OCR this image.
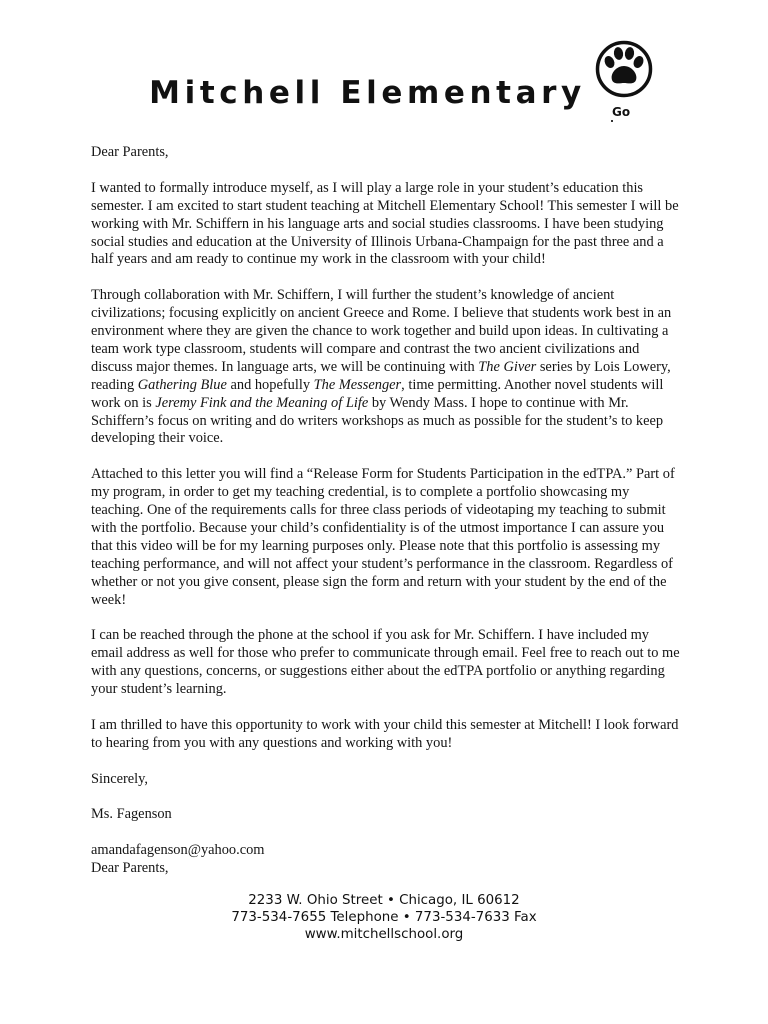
Mitchell Elementary
Go

Dear Parents,

I wanted to formally introduce myself, as I will play a large role in your student’s education this semester. I am excited to start student teaching at Mitchell Elementary School! This semester I will be working with Mr. Schiffern in his language arts and social studies classrooms. I have been studying social studies and education at the University of Illinois Urbana-Champaign for the past three and a half years and am ready to continue my work in the classroom with your child!

Through collaboration with Mr. Schiffern, I will further the student’s knowledge of ancient civilizations; focusing explicitly on ancient Greece and Rome. I believe that students work best in an environment where they are given the chance to work together and build upon ideas. In cultivating a team work type classroom, students will compare and contrast the two ancient civilizations and discuss major themes. In language arts, we will be continuing with The Giver series by Lois Lowery, reading Gathering Blue and hopefully The Messenger, time permitting. Another novel students will work on is Jeremy Fink and the Meaning of Life by Wendy Mass. I hope to continue with Mr. Schiffern’s focus on writing and do writers workshops as much as possible for the student’s to keep developing their voice.

Attached to this letter you will find a “Release Form for Students Participation in the edTPA.” Part of my program, in order to get my teaching credential, is to complete a portfolio showcasing my teaching. One of the requirements calls for three class periods of videotaping my teaching to submit with the portfolio. Because your child’s confidentiality is of the utmost importance I can assure you that this video will be for my learning purposes only. Please note that this portfolio is assessing my teaching performance, and will not affect your student’s performance in the classroom. Regardless of whether or not you give consent, please sign the form and return with your student by the end of the week!

I can be reached through the phone at the school if you ask for Mr. Schiffern. I have included my email address as well for those who prefer to communicate through email. Feel free to reach out to me with any questions, concerns, or suggestions either about the edTPA portfolio or anything regarding your student’s learning.

I am thrilled to have this opportunity to work with your child this semester at Mitchell! I look forward to hearing from you with any questions and working with you!

Sincerely,

Ms. Fagenson

amandafagenson@yahoo.com

Dear Parents,

2233 W. Ohio Street • Chicago, IL 60612
773-534-7655 Telephone • 773-534-7633 Fax
www.mitchellschool.org
